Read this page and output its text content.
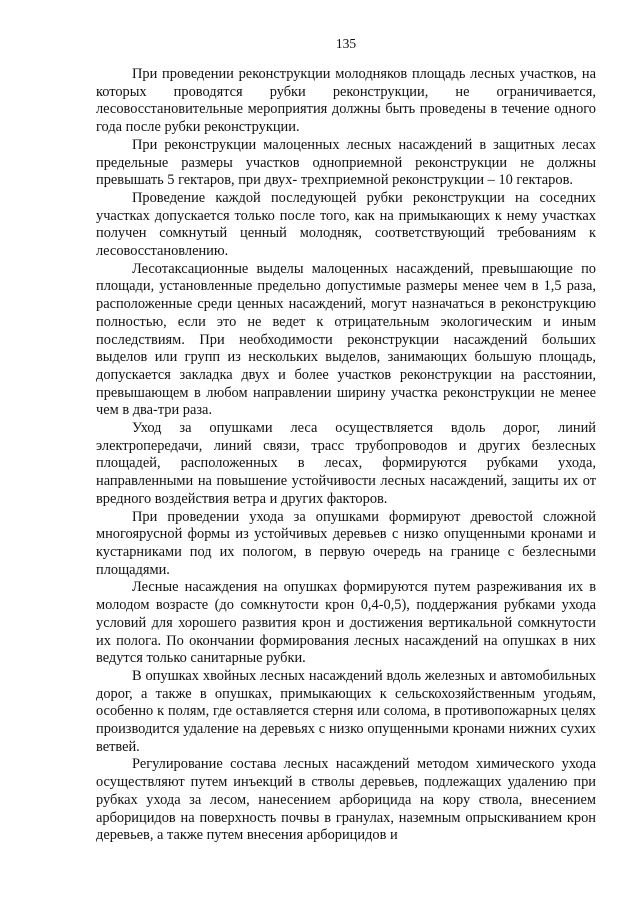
135

При проведении реконструкции молодняков площадь лесных участков, на которых проводятся рубки реконструкции, не ограничивается, лесовосстановительные мероприятия должны быть проведены в течение одного года после рубки реконструкции.

При реконструкции малоценных лесных насаждений в защитных лесах предельные размеры участков одноприемной реконструкции не должны превышать 5 гектаров, при двух- трехприемной реконструкции – 10 гектаров.

Проведение каждой последующей рубки реконструкции на соседних участках допускается только после того, как на примыкающих к нему участках получен сомкнутый ценный молодняк, соответствующий требованиям к лесовосстановлению.

Лесотаксационные выделы малоценных насаждений, превышающие по площади, установленные предельно допустимые размеры менее чем в 1,5 раза, расположенные среди ценных насаждений, могут назначаться в реконструкцию полностью, если это не ведет к отрицательным экологическим и иным последствиям. При необходимости реконструкции насаждений больших выделов или групп из нескольких выделов, занимающих большую площадь, допускается закладка двух и более участков реконструкции на расстоянии, превышающем в любом направлении ширину участка реконструкции не менее чем в два-три раза.

Уход за опушками леса осуществляется вдоль дорог, линий электропередачи, линий связи, трасс трубопроводов и других безлесных площадей, расположенных в лесах, формируются рубками ухода, направленными на повышение устойчивости лесных насаждений, защиты их от вредного воздействия ветра и других факторов.

При проведении ухода за опушками формируют древостой сложной многоярусной формы из устойчивых деревьев с низко опущенными кронами и кустарниками под их пологом, в первую очередь на границе с безлесными площадями.

Лесные насаждения на опушках формируются путем разреживания их в молодом возрасте (до сомкнутости крон 0,4-0,5), поддержания рубками ухода условий для хорошего развития крон и достижения вертикальной сомкнутости их полога. По окончании формирования лесных насаждений на опушках в них ведутся только санитарные рубки.

В опушках хвойных лесных насаждений вдоль железных и автомобильных дорог, а также в опушках, примыкающих к сельскохозяйственным угодьям, особенно к полям, где оставляется стерня или солома, в противопожарных целях производится удаление на деревьях с низко опущенными кронами нижних сухих ветвей.

Регулирование состава лесных насаждений методом химического ухода осуществляют путем инъекций в стволы деревьев, подлежащих удалению при рубках ухода за лесом, нанесением арборицида на кору ствола, внесением арборицидов на поверхность почвы в гранулах, наземным опрыскиванием крон деревьев, а также путем внесения арборицидов и
